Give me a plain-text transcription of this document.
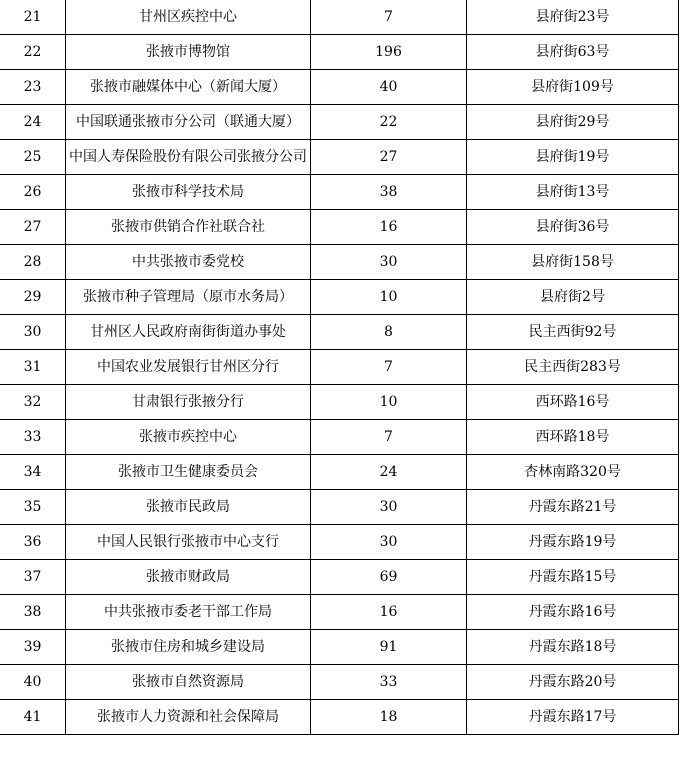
21	甘州区疾控中心	7	县府街23号
22	张掖市博物馆	196	县府街63号
23	张掖市融媒体中心（新闻大厦）	40	县府街109号
24	中国联通张掖市分公司（联通大厦）	22	县府街29号
25	中国人寿保险股份有限公司张掖分公司	27	县府街19号
26	张掖市科学技术局	38	县府街13号
27	张掖市供销合作社联合社	16	县府街36号
28	中共张掖市委党校	30	县府街158号
29	张掖市种子管理局（原市水务局）	10	县府街2号
30	甘州区人民政府南街街道办事处	8	民主西街92号
31	中国农业发展银行甘州区分行	7	民主西街283号
32	甘肃银行张掖分行	10	西环路16号
33	张掖市疾控中心	7	西环路18号
34	张掖市卫生健康委员会	24	杏林南路320号
35	张掖市民政局	30	丹霞东路21号
36	中国人民银行张掖市中心支行	30	丹霞东路19号
37	张掖市财政局	69	丹霞东路15号
38	中共张掖市委老干部工作局	16	丹霞东路16号
39	张掖市住房和城乡建设局	91	丹霞东路18号
40	张掖市自然资源局	33	丹霞东路20号
41	张掖市人力资源和社会保障局	18	丹霞东路17号
